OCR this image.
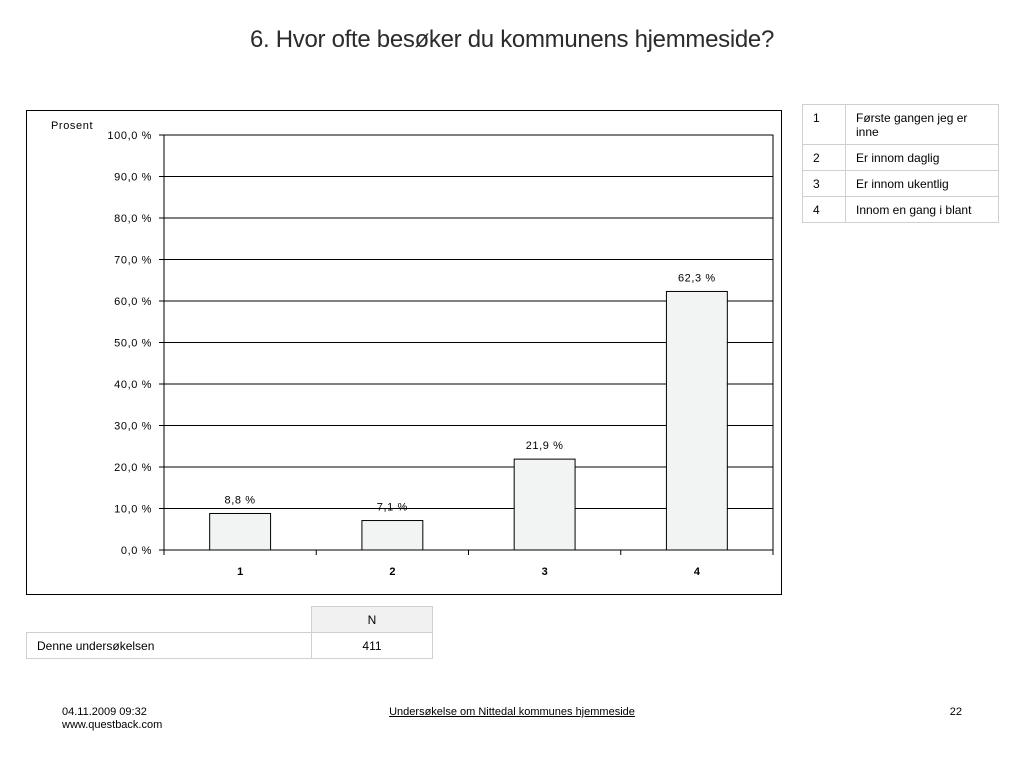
6. Hvor ofte besøker du kommunens hjemmeside?
0,0 %
10,0 %
20,0 %
30,0 %
40,0 %
50,0 %
60,0 %
70,0 %
80,0 %
90,0 %
100,0 %
Prosent
8,8 %
1
7,1 %
2
21,9 %
3
62,3 %
4
1	Første gangen jeg er inne
2	Er innom daglig
3	Er innom ukentlig
4	Innom en gang i blant
	N
Denne undersøkelsen	411
04.11.2009 09:32
www.questback.com
Undersøkelse om Nittedal kommunes hjemmeside	22
